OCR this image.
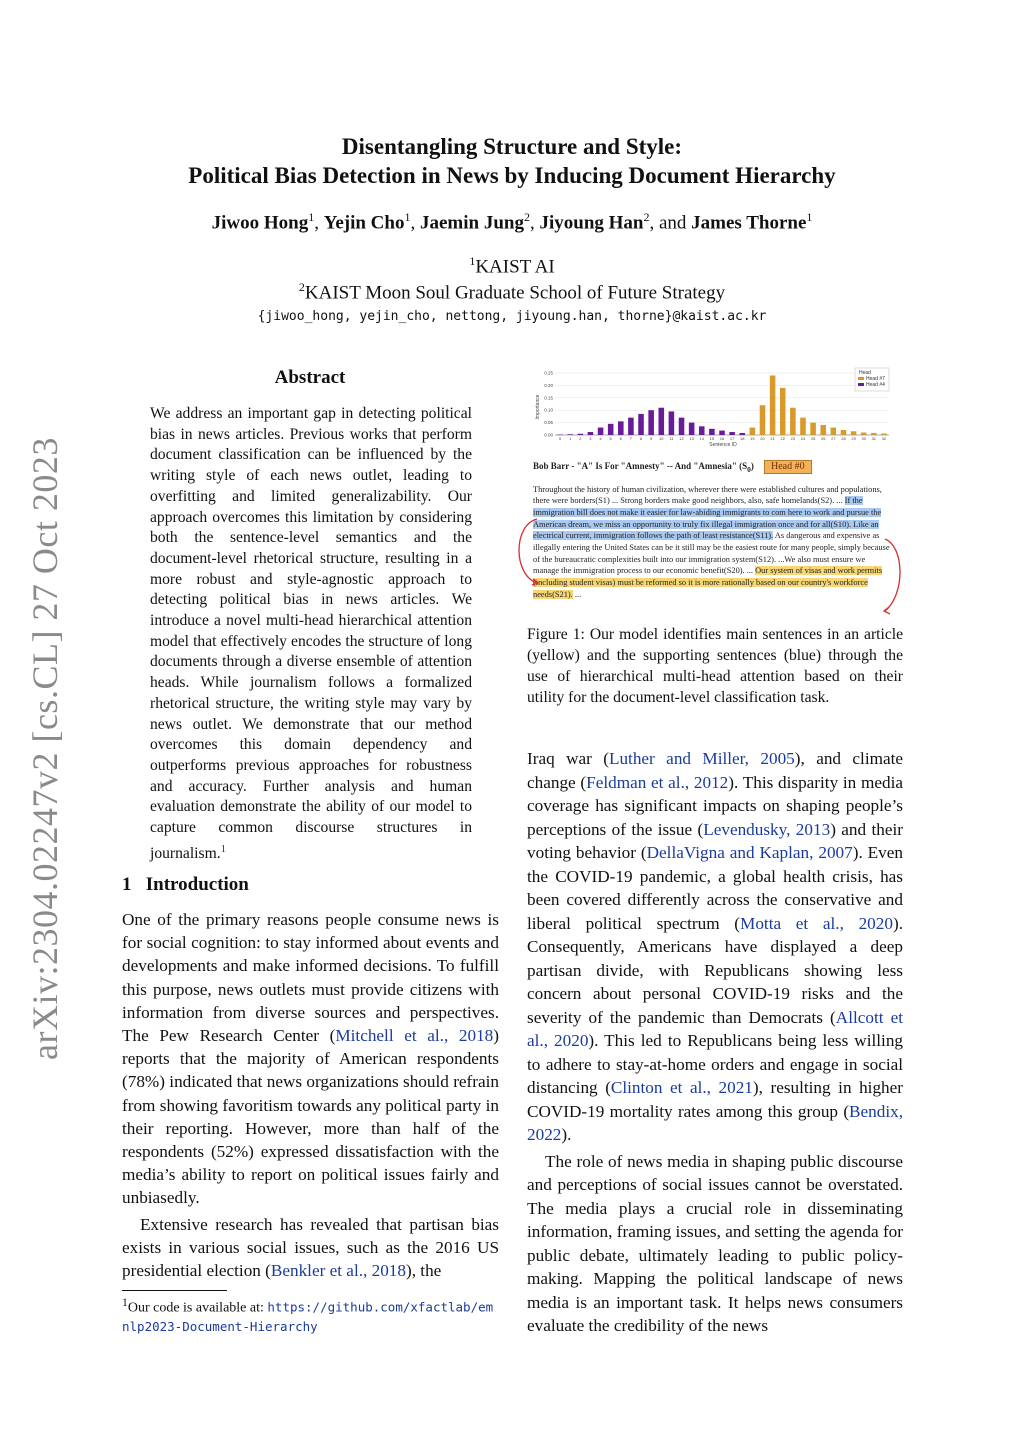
Disentangling Structure and Style:
Political Bias Detection in News by Inducing Document Hierarchy
Jiwoo Hong$^1$, Yejin Cho$^1$, Jaemin Jung$^2$, Jiyoung Han$^2$, and James Thorne$^1$
$^1$KAIST AI
$^2$KAIST Moon Soul Graduate School of Future Strategy
{jiwoo_hong, yejin_cho, nettong, jiyoung.han, thorne}@kaist.ac.kr
arXiv:2304.02247v2 [cs.CL] 27 Oct 2023
Abstract
We address an important gap in detecting political bias in news articles. Previous works that perform document classification can be influenced by the writing style of each news outlet, leading to overfitting and limited generalizability. Our approach overcomes this limitation by considering both the sentence-level semantics and the document-level rhetorical structure, resulting in a more robust and style-agnostic approach to detecting political bias in news articles. We introduce a novel multi-head hierarchical attention model that effectively encodes the structure of long documents through a diverse ensemble of attention heads. While journalism follows a formalized rhetorical structure, the writing style may vary by news outlet. We demonstrate that our method overcomes this domain dependency and outperforms previous approaches for robustness and accuracy. Further analysis and human evaluation demonstrate the ability of our model to capture common discourse structures in journalism.$^1$
1   Introduction

One of the primary reasons people consume news is for social cognition: to stay informed about events and developments and make informed decisions. To fulfill this purpose, news outlets must provide citizens with information from diverse sources and perspectives. The Pew Research Center (Mitchell et al., 2018) reports that the majority of American respondents (78%) indicated that news organizations should refrain from showing favoritism towards any political party in their reporting. However, more than half of the respondents (52%) expressed dissatisfaction with the media’s ability to report on political issues fairly and unbiasedly.

Extensive research has revealed that partisan bias exists in various social issues, such as the 2016 US presidential election (Benkler et al., 2018), the

$^1$Our code is available at: https://github.com/xfactlab/emnlp2023-Document-Hierarchy
0.00
0.05
0.10
0.15
0.20
0.25
0 1 2 3 4 5 6 7 8 9 10 11 12 13 14 15 16 17 18 19 20 21 22 23 24 25 26 27 28 29 30 31 32
Importance
Sentence ID
Head
Head #7
Head #4
Bob Barr - "A" Is For "Amnesty" -- And "Amnesia" $(S_0)$ Head #0
Throughout the history of human civilization, wherever there were established cultures and populations, there were borders(S1) ... Strong borders make good neighbors, also, safe homelands(S2). ... If the immigration bill does not make it easier for law-abiding immigrants to com here to work and pursue the American dream, we miss an opportunity to truly fix illegal immigration once and for all(S10). Like an electrical current, immigration follows the path of least resistance(S11). As dangerous and expensive as illegally entering the United States can be it still may be the easiest route for many people, simply because of the bureaucratic complexities built into our immigration system(S12). ...We also must ensure we manage the immigration process to our economic benefit(S20). ... Our system of visas and work permits (including student visas) must be reformed so it is more rationally based on our country's workforce needs(S21). ...
Figure 1: Our model identifies main sentences in an article (yellow) and the supporting sentences (blue) through the use of hierarchical multi-head attention based on their utility for the document-level classification task.

Iraq war (Luther and Miller, 2005), and climate change (Feldman et al., 2012). This disparity in media coverage has significant impacts on shaping people’s perceptions of the issue (Levendusky, 2013) and their voting behavior (DellaVigna and Kaplan, 2007). Even the COVID-19 pandemic, a global health crisis, has been covered differently across the conservative and liberal political spectrum (Motta et al., 2020). Consequently, Americans have displayed a deep partisan divide, with Republicans showing less concern about personal COVID-19 risks and the severity of the pandemic than Democrats (Allcott et al., 2020). This led to Republicans being less willing to adhere to stay-at-home orders and engage in social distancing (Clinton et al., 2021), resulting in higher COVID-19 mortality rates among this group (Bendix, 2022).

The role of news media in shaping public discourse and perceptions of social issues cannot be overstated. The media plays a crucial role in disseminating information, framing issues, and setting the agenda for public debate, ultimately leading to public policy-making. Mapping the political landscape of news media is an important task. It helps news consumers evaluate the credibility of the news
